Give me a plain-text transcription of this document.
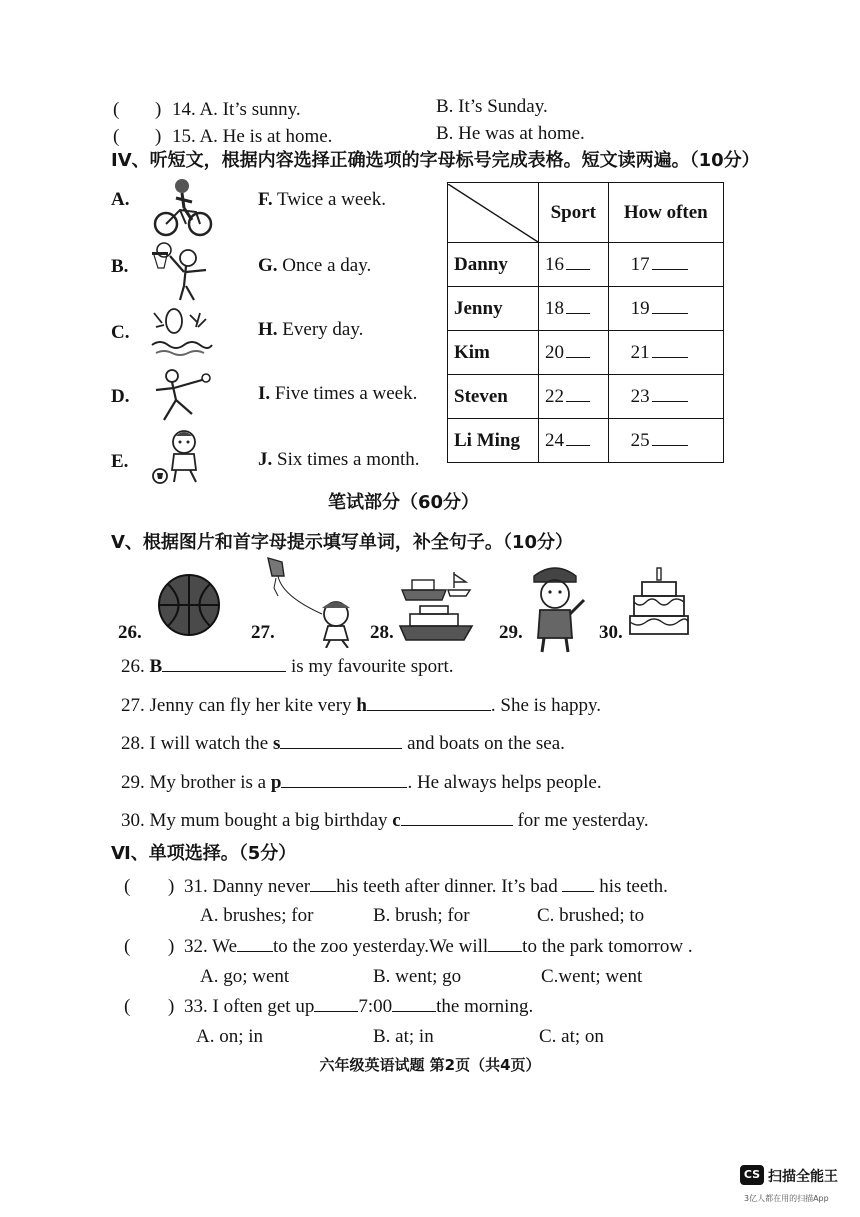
( ) 14. A. It’s sunny.	B. It’s Sunday.
( ) 15. A. He is at home.	B. He was at home.
IV、听短文，根据内容选择正确选项的字母标号完成表格。短文读两遍。（10分）
A.
B.
C.
D.
E.
F. Twice a week.
G. Once a day.
H. Every day.
I. Five times a week.
J. Six times a month.
	Sport	How often
Danny	16	17
Jenny	18	19
Kim	20	21
Steven	22	23
Li Ming	24	25
笔试部分（60分）
V、根据图片和首字母提示填写单词，补全句子。（10分）
26.	27.	28.	29.	30.
26. B	is my favourite sport.
27. Jenny can fly her kite very h	. She is happy.
28. I will watch the s	and boats on the sea.
29. My brother is a p	. He always helps people.
30. My mum bought a big birthday c	for me yesterday.
Ⅵ、单项选择。（5分）
( ) 31. Danny never his teeth after dinner. It’s bad his teeth.
A. brushes; for	B. brush; for	C. brushed; to
( ) 32. We to the zoo yesterday.We will to the park tomorrow .
A. go; went	B. went; go	C.went; went
( ) 33. I often get up 7:00 the morning.
A. on; in	B. at; in	C. at; on
六年级英语试题 第2页（共4页）
CS 扫描全能王
3亿人都在用的扫描App
